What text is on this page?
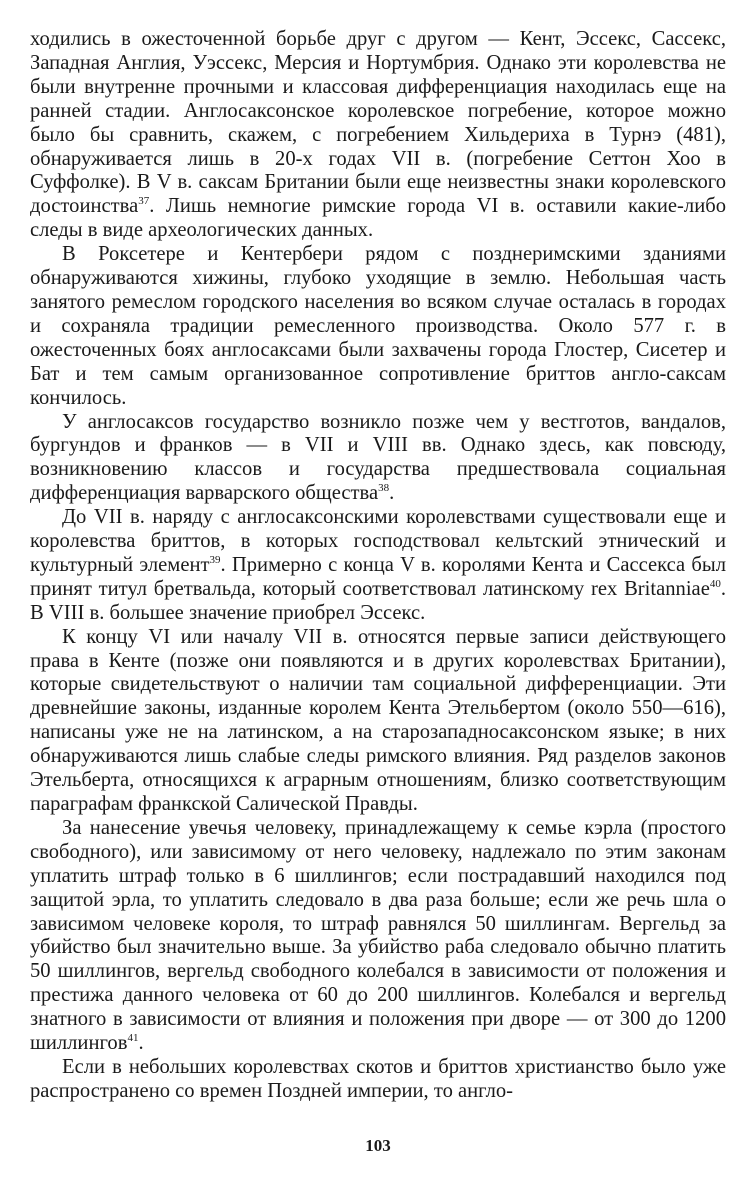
ходились в ожесточенной борьбе друг с другом — Кент, Эссекс, Сассекс, Западная Англия, Уэссекс, Мерсия и Нортумбрия. Однако эти королевства не были внутренне прочными и классовая дифференциация находилась еще на ранней стадии. Англосаксонское королевское погребение, которое можно было бы сравнить, скажем, с погребением Хильдериха в Турнэ (481), обнаруживается лишь в 20-х годах VII в. (погребение Сеттон Хоо в Суффолке). В V в. саксам Британии были еще неизвестны знаки королевского достоинства$^{37}$. Лишь немногие римские города VI в. оставили какие-либо следы в виде археологических данных.

В Роксетере и Кентербери рядом с позднеримскими зданиями обнаруживаются хижины, глубоко уходящие в землю. Небольшая часть занятого ремеслом городского населения во всяком случае осталась в городах и сохраняла традиции ремесленного производства. Около 577 г. в ожесточенных боях англосаксами были захвачены города Глостер, Сисетер и Бат и тем самым организованное сопротивление бриттов англо-саксам кончилось.

У англосаксов государство возникло позже чем у вестготов, вандалов, бургундов и франков — в VII и VIII вв. Однако здесь, как повсюду, возникновению классов и государства предшествовала социальная дифференциация варварского общества$^{38}$.

До VII в. наряду с англосаксонскими королевствами существовали еще и королевства бриттов, в которых господствовал кельтский этнический и культурный элемент$^{39}$. Примерно с конца V в. королями Кента и Сассекса был принят титул бретвальда, который соответствовал латинскому rex Britanniae$^{40}$. В VIII в. большее значение приобрел Эссекс.

К концу VI или началу VII в. относятся первые записи действующего права в Кенте (позже они появляются и в других королевствах Британии), которые свидетельствуют о наличии там социальной дифференциации. Эти древнейшие законы, изданные королем Кента Этельбертом (около 550—616), написаны уже не на латинском, а на старозападносаксонском языке; в них обнаруживаются лишь слабые следы римского влияния. Ряд разделов законов Этельберта, относящихся к аграрным отношениям, близко соответствующим параграфам франкской Салической Правды.

За нанесение увечья человеку, принадлежащему к семье кэрла (простого свободного), или зависимому от него человеку, надлежало по этим законам уплатить штраф только в 6 шиллингов; если пострадавший находился под защитой эрла, то уплатить следовало в два раза больше; если же речь шла о зависимом человеке короля, то штраф равнялся 50 шиллингам. Вергельд за убийство был значительно выше. За убийство раба следовало обычно платить 50 шиллингов, вергельд свободного колебался в зависимости от положения и престижа данного человека от 60 до 200 шиллингов. Колебался и вергельд знатного в зависимости от влияния и положения при дворе — от 300 до 1200 шиллингов$^{41}$.

Если в небольших королевствах скотов и бриттов христианство было уже распространено со времен Поздней империи, то англо-

103
